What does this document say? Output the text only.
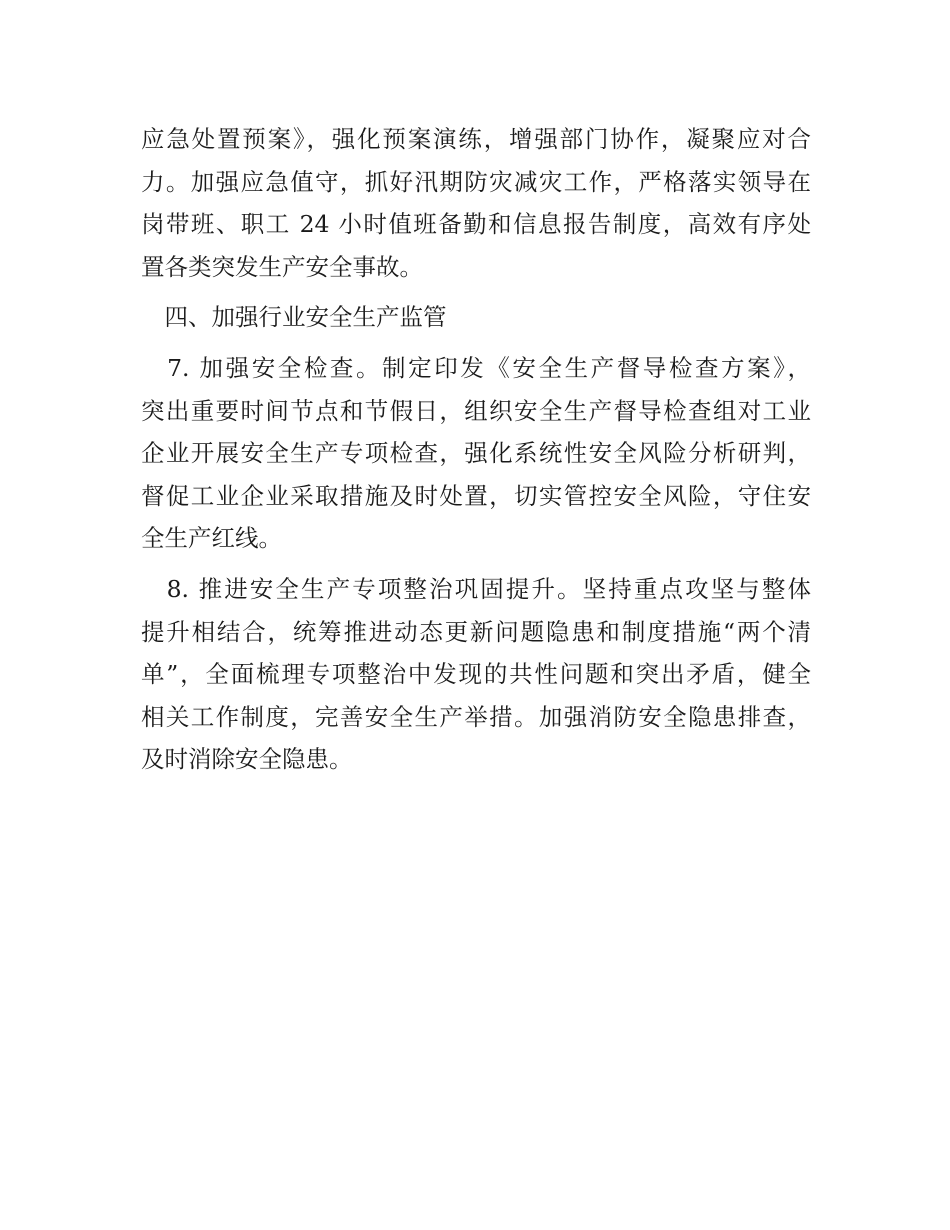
应急处置预案》，强化预案演练，增强部门协作，凝聚应对合
力。加强应急值守，抓好汛期防灾减灾工作，严格落实领导在
岗带班、职工 24 小时值班备勤和信息报告制度，高效有序处
置各类突发生产安全事故。
　四、加强行业安全生产监管
　7. 加强安全检查。制定印发《安全生产督导检查方案》，
突出重要时间节点和节假日，组织安全生产督导检查组对工业
企业开展安全生产专项检查，强化系统性安全风险分析研判，
督促工业企业采取措施及时处置，切实管控安全风险，守住安
全生产红线。
　8. 推进安全生产专项整治巩固提升。坚持重点攻坚与整体
提升相结合，统筹推进动态更新问题隐患和制度措施“两个清
单”，全面梳理专项整治中发现的共性问题和突出矛盾，健全
相关工作制度，完善安全生产举措。加强消防安全隐患排查，
及时消除安全隐患。
